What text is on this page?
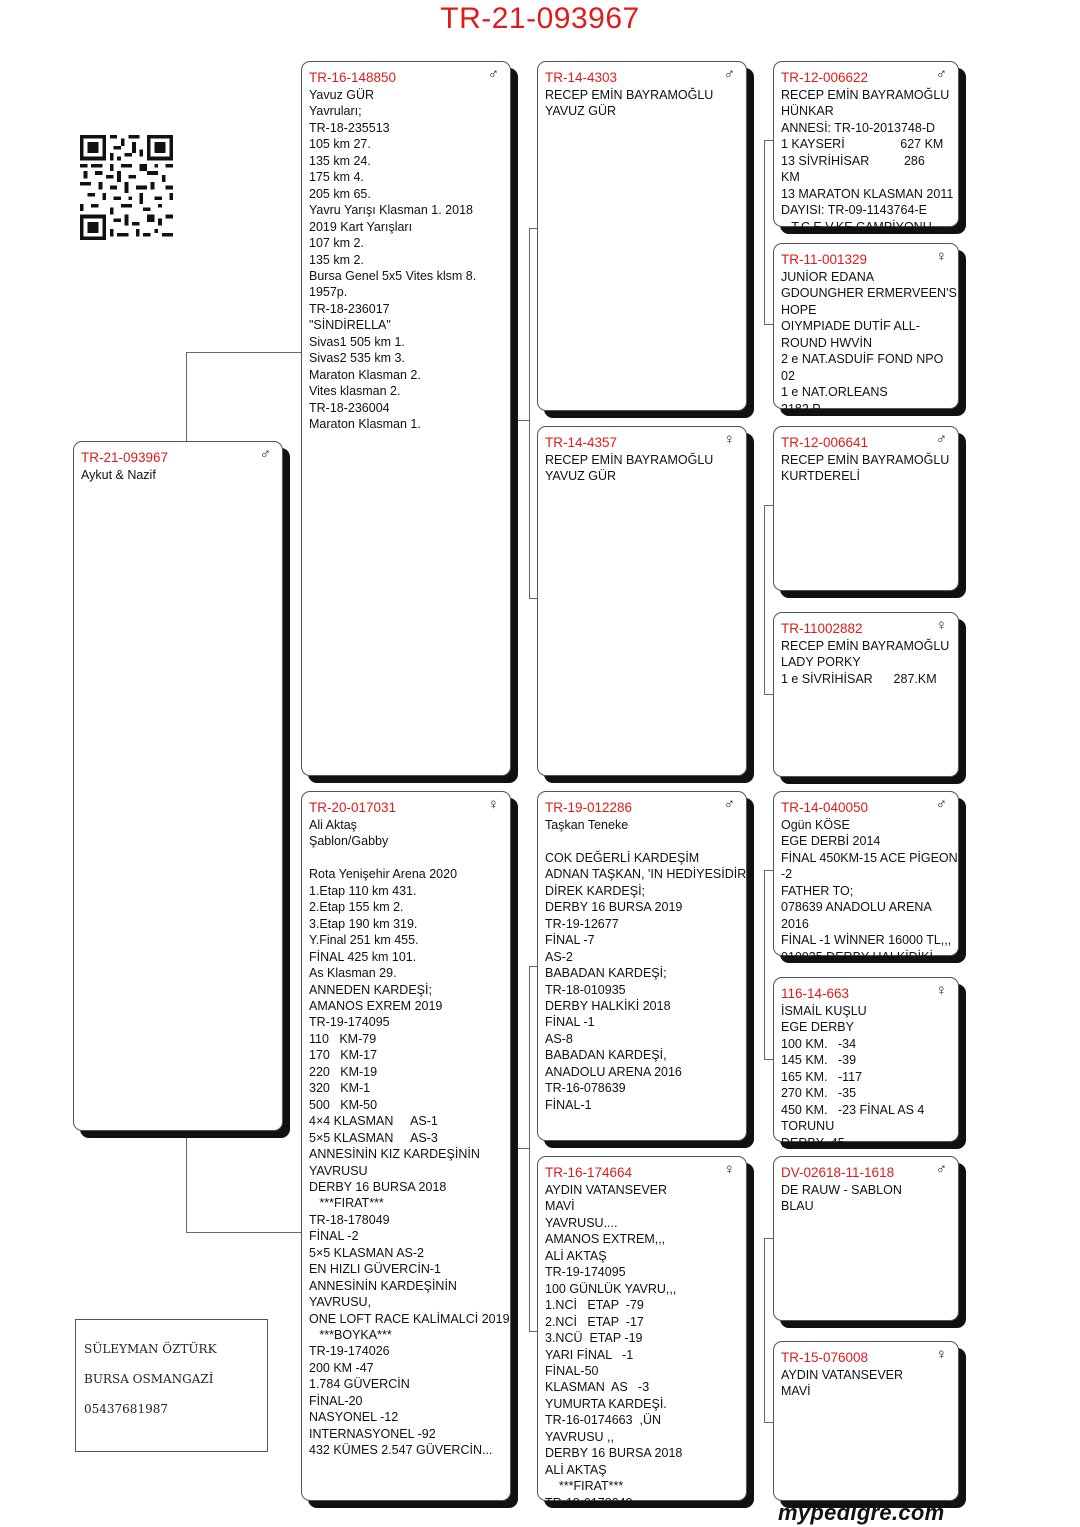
TR-21-093967
TR-21-093967	♂
Aykut & Nazif
TR-16-148850	♂
Yavuz GÜR
Yavruları;
TR-18-235513
105 km 27.
135 km 24.
175 km 4.
205 km 65.
Yavru Yarışı Klasman 1. 2018
2019 Kart Yarışları
107 km 2.
135 km 2.
Bursa Genel 5x5 Vites klsm 8.
1957p.
TR-18-236017
"SİNDİRELLA"
Sivas1 505 km 1.
Sivas2 535 km 3.
Maraton Klasman 2.
Vites klasman 2.
TR-18-236004
Maraton Klasman 1.
TR-20-017031	♀
Ali Aktaş
Şablon/Gabby
Rota Yenişehir Arena 2020
1.Etap 110 km 431.
2.Etap 155 km 2.
3.Etap 190 km 319.
Y.Final 251 km 455.
FİNAL 425 km 101.
As Klasman 29.
ANNEDEN KARDEŞİ;
AMANOS EXREM 2019
TR-19-174095
110   KM-79
170   KM-17
220   KM-19
320   KM-1
500   KM-50
4×4 KLASMAN     AS-1
5×5 KLASMAN     AS-3
ANNESİNİN KIZ KARDEŞİNİN
YAVRUSU
DERBY 16 BURSA 2018
***FIRAT***
TR-18-178049
FİNAL -2
5×5 KLASMAN AS-2
EN HIZLI GÜVERCİN-1
ANNESİNİN KARDEŞİNİN
YAVRUSU,
ONE LOFT RACE KALİMALCİ 2019
***BOYKA***
TR-19-174026
200 KM -47
1.784 GÜVERCİN
FİNAL-20
NASYONEL -12
INTERNASYONEL -92
432 KÜMES 2.547 GÜVERCİN...
TR-14-4303	♂
RECEP EMİN BAYRAMOĞLU
YAVUZ GÜR
TR-14-4357	♀
RECEP EMİN BAYRAMOĞLU
YAVUZ GÜR
TR-19-012286	♂
Taşkan Teneke
COK DEĞERLİ KARDEŞİM
ADNAN TAŞKAN, 'IN HEDİYESİDİR.
DİREK KARDEŞİ;
DERBY 16 BURSA 2019
TR-19-12677
FİNAL -7
AS-2
BABADAN KARDEŞİ;
TR-18-010935
DERBY HALKİKİ 2018
FİNAL -1
AS-8
BABADAN KARDEŞİ,
ANADOLU ARENA 2016
TR-16-078639
FİNAL-1
TR-16-174664	♀
AYDIN VATANSEVER
MAVİ
YAVRUSU....
AMANOS EXTREM,,,
ALİ AKTAŞ
TR-19-174095
100 GÜNLÜK YAVRU,,,
1.NCİ   ETAP  -79
2.NCİ   ETAP  -17
3.NCÜ  ETAP -19
YARI FİNAL   -1
FİNAL-50
KLASMAN  AS   -3
YUMURTA KARDEŞİ.
TR-16-0174663  ,ÜN
YAVRUSU ,,
DERBY 16 BURSA 2018
ALİ AKTAŞ
***FIRAT***
TR-18-0178049
TR-12-006622	♂
RECEP EMİN BAYRAMOĞLU
HÜNKAR
ANNESİ: TR-10-2013748-D
1 KAYSERİ                627 KM
13 SİVRİHİSAR          286
KM
13 MARATON KLASMAN 2011
DAYISI: TR-09-1143764-E
T.C.E.V.KE CAMPİYONU
TR-11-001329	♀
JUNİOR EDANA
GDOUNGHER ERMERVEEN'S
HOPE
OIYMPIADE DUTİF ALL-
ROUND HWVİN
2 e NAT.ASDUİF FOND NPO
02
1 e NAT.ORLEANS
2182 P
TR-12-006641	♂
RECEP EMİN BAYRAMOĞLU
KURTDERELİ
TR-11002882	♀
RECEP EMİN BAYRAMOĞLU
LADY PORKY
1 e SİVRİHİSAR      287.KM
TR-14-040050	♂
Ogün KÖSE
EGE DERBİ 2014
FİNAL 450KM-15 ACE PİGEON
-2
FATHER TO;
078639 ANADOLU ARENA
2016
FİNAL -1 WİNNER 16000 TL,,,
010935 DERBY HALKİDİKİ
116-14-663	♀
İSMAİL KUŞLU
EGE DERBY
100 KM.   -34
145 KM.   -39
165 KM.   -117
270 KM.   -35
450 KM.   -23 FİNAL AS 4
TORUNU
DERBY  45
DV-02618-11-1618	♂
DE RAUW - SABLON
BLAU
TR-15-076008	♀
AYDIN VATANSEVER
MAVİ
SÜLEYMAN ÖZTÜRK
BURSA OSMANGAZİ
05437681987
mypedigre.com
